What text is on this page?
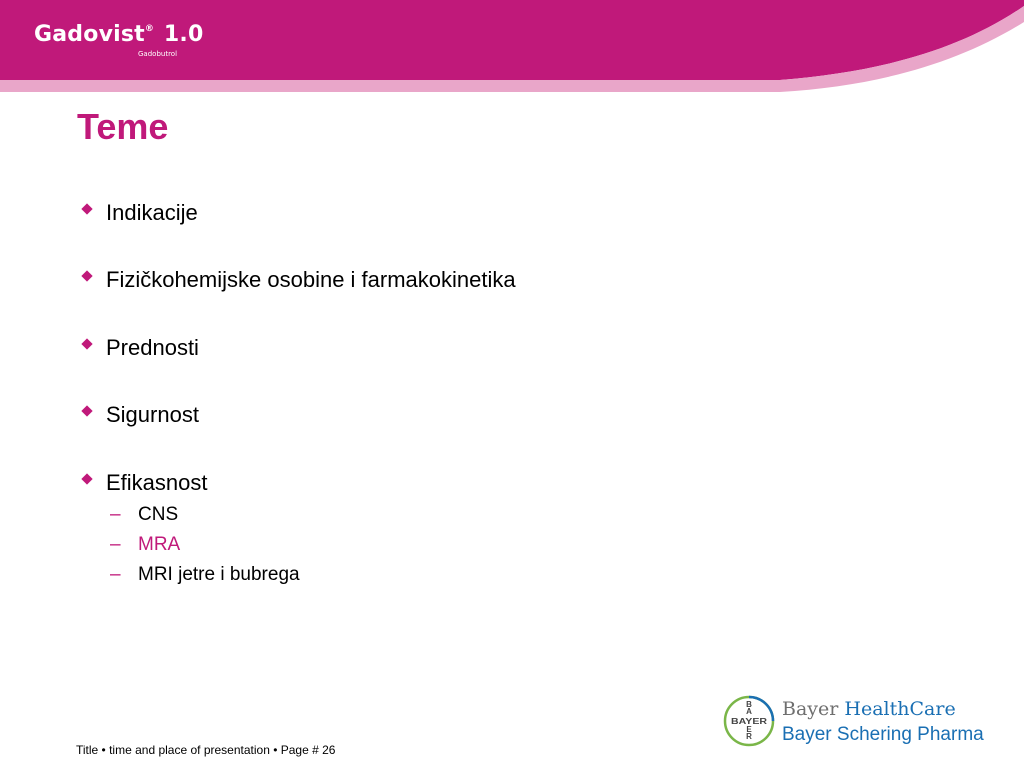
Gadovist® 1.0
Gadobutrol
Teme
Indikacije
Fizičkohemijske osobine i farmakokinetika
Prednosti
Sigurnost
Efikasnost
– CNS
– MRA
– MRI jetre i bubrega
Title • time and place of presentation • Page # 26
B
A
BAYER
E
R
Bayer HealthCare
Bayer Schering Pharma
